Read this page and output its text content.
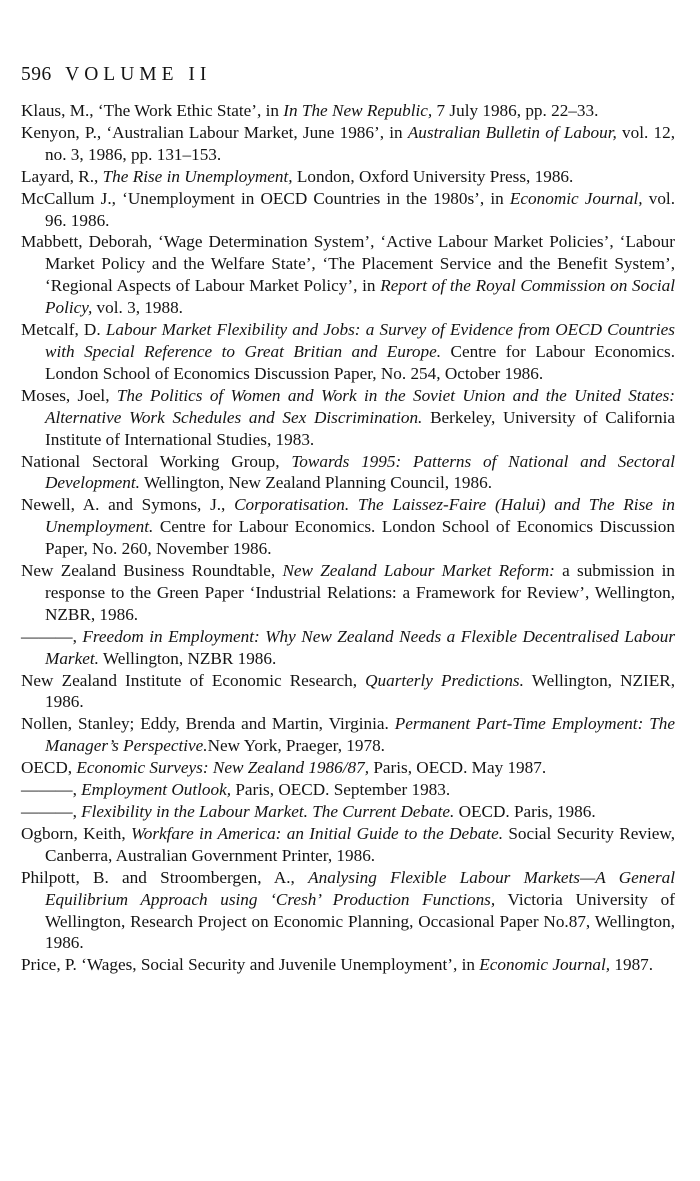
596 VOLUME II

Klaus, M., ‘The Work Ethic State’, in In The New Republic, 7 July 1986, pp. 22–33.

Kenyon, P., ‘Australian Labour Market, June 1986’, in Australian Bulletin of Labour, vol. 12, no. 3, 1986, pp. 131–153.

Layard, R., The Rise in Unemployment, London, Oxford University Press, 1986.

McCallum J., ‘Unemployment in OECD Countries in the 1980s’, in Economic Journal, vol. 96. 1986.

Mabbett, Deborah, ‘Wage Determination System’, ‘Active Labour Market Policies’, ‘Labour Market Policy and the Welfare State’, ‘The Placement Service and the Benefit System’, ‘Regional Aspects of Labour Market Policy’, in Report of the Royal Commission on Social Policy, vol. 3, 1988.

Metcalf, D. Labour Market Flexibility and Jobs: a Survey of Evidence from OECD Countries with Special Reference to Great Britian and Europe. Centre for Labour Economics. London School of Economics Discussion Paper, No. 254, October 1986.

Moses, Joel, The Politics of Women and Work in the Soviet Union and the United States: Alternative Work Schedules and Sex Discrimination. Berkeley, University of California Institute of International Studies, 1983.

National Sectoral Working Group, Towards 1995: Patterns of National and Sectoral Development. Wellington, New Zealand Planning Council, 1986.

Newell, A. and Symons, J., Corporatisation. The Laissez-Faire (Halui) and The Rise in Unemployment. Centre for Labour Economics. London School of Economics Discussion Paper, No. 260, November 1986.

New Zealand Business Roundtable, New Zealand Labour Market Reform: a submission in response to the Green Paper ‘Industrial Relations: a Framework for Review’, Wellington, NZBR, 1986.

———, Freedom in Employment: Why New Zealand Needs a Flexible Decentralised Labour Market. Wellington, NZBR 1986.

New Zealand Institute of Economic Research, Quarterly Predictions. Wellington, NZIER, 1986.

Nollen, Stanley; Eddy, Brenda and Martin, Virginia. Permanent Part-Time Employment: The Manager’s Perspective.New York, Praeger, 1978.

OECD, Economic Surveys: New Zealand 1986/87, Paris, OECD. May 1987.

———, Employment Outlook, Paris, OECD. September 1983.

———, Flexibility in the Labour Market. The Current Debate. OECD. Paris, 1986.

Ogborn, Keith, Workfare in America: an Initial Guide to the Debate. Social Security Review, Canberra, Australian Government Printer, 1986.

Philpott, B. and Stroombergen, A., Analysing Flexible Labour Markets—A General Equilibrium Approach using ‘Cresh’ Production Functions, Victoria University of Wellington, Research Project on Economic Planning, Occasional Paper No.87, Wellington, 1986.

Price, P. ‘Wages, Social Security and Juvenile Unemployment’, in Economic Journal, 1987.
